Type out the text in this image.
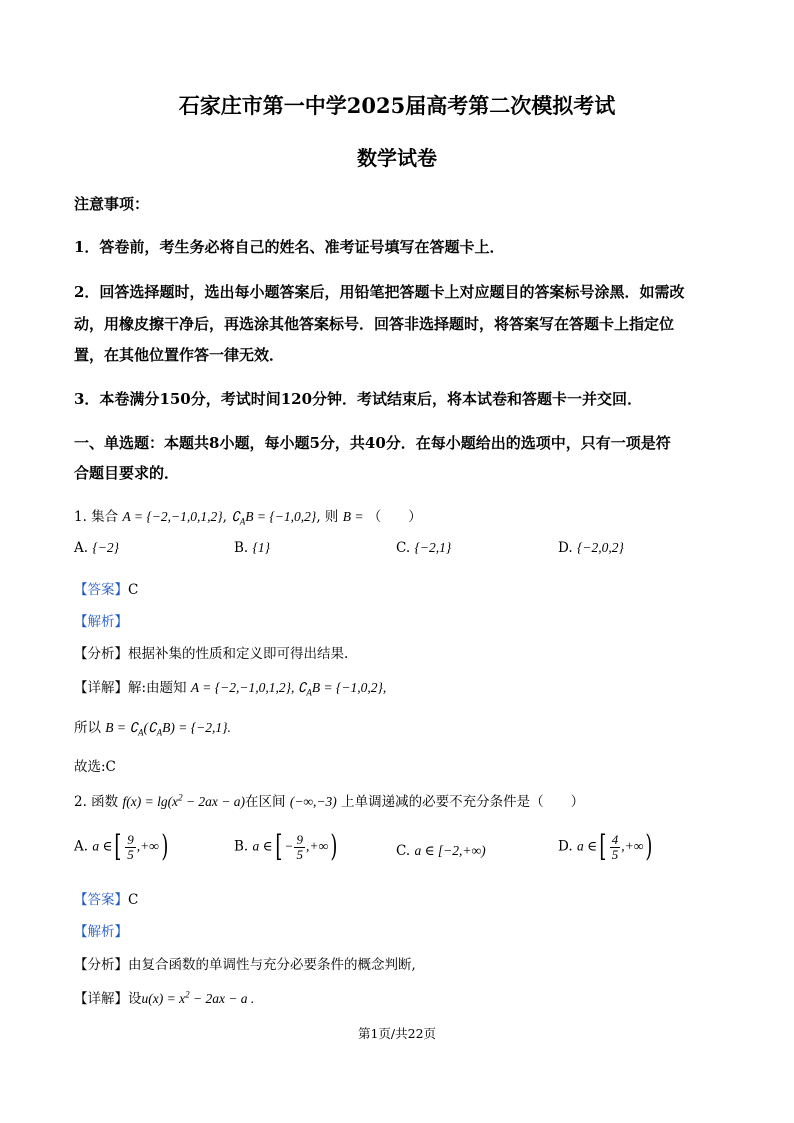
石家庄市第一中学2025届高考第二次模拟考试
数学试卷
注意事项：
1．答卷前，考生务必将自己的姓名、准考证号填写在答题卡上．
2．回答选择题时，选出每小题答案后，用铅笔把答题卡上对应题目的答案标号涂黑．如需改
动，用橡皮擦干净后，再选涂其他答案标号．回答非选择题时，将答案写在答题卡上指定位
置，在其他位置作答一律无效．
3．本卷满分150分，考试时间120分钟．考试结束后，将本试卷和答题卡一并交回．
一、单选题：本题共8小题，每小题5分，共40分．在每小题给出的选项中，只有一项是符
合题目要求的．
1. 集合 A = {−2,−1,0,1,2}, $∁_AB = \{-1,0,2\}$, 则 B = （　　）
A. {−2}	B. {1}	C. {−2,1}	D. {−2,0,2}
【答案】C
【解析】
【分析】根据补集的性质和定义即可得出结果.
【详解】解:由题知 A = {−2,−1,0,1,2}, $∁_AB = \{-1,0,2\}$,
所以 $B = ∁_A(∁_AB) = \{-2,1\}$.
故选:C
2. 函数 $f(x) = \lg(x^2 - 2ax - a)$在区间 (−∞,−3) 上单调递减的必要不充分条件是（　　）
A. a ∈[ $\frac{9}{5}$ ,+∞)	B. a ∈[ − $\frac{9}{5}$ ,+∞)	C. a ∈ [−2,+∞)	D. a ∈[ $\frac{4}{5}$ ,+∞)
【答案】C
【解析】
【分析】由复合函数的单调性与充分必要条件的概念判断,
【详解】设$u(x) = x^2 - 2ax - a$ .
第1页/共22页
